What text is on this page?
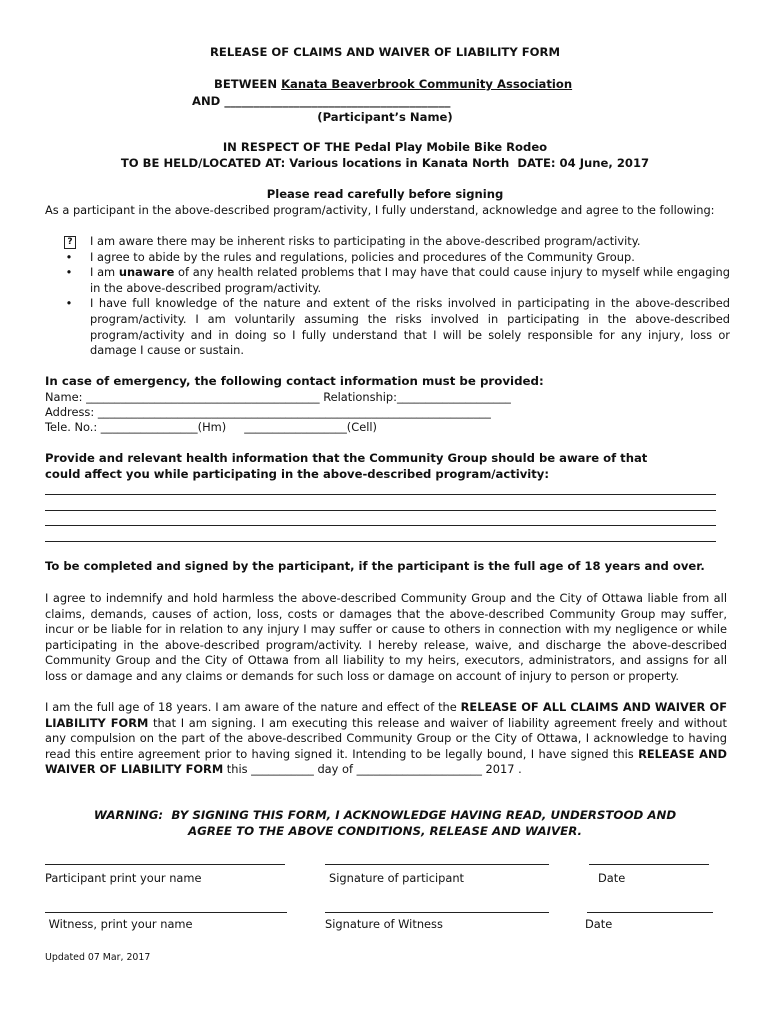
RELEASE OF CLAIMS AND WAIVER OF LIABILITY FORM

BETWEEN Kanata Beaverbrook Community Association

AND _______________________________________
(Participant’s Name)
IN RESPECT OF THE Pedal Play Mobile Bike Rodeo
TO BE HELD/LOCATED AT: Various locations in Kanata North  DATE: 04 June, 2017
Please read carefully before signing
As a participant in the above-described program/activity, I fully understand, acknowledge and agree to the following:
? I am aware there may be inherent risks to participating in the above-described program/activity.
•	I agree to abide by the rules and regulations, policies and procedures of the Community Group.
•	I am unaware of any health related problems that I may have that could cause injury to myself while engaging in the above-described program/activity.
•	I have full knowledge of the nature and extent of the risks involved in participating in the above-described program/activity. I am voluntarily assuming the risks involved in participating in the above-described program/activity and in doing so I fully understand that I will be solely responsible for any injury, loss or damage I cause or sustain.
In case of emergency, the following contact information must be provided:
Name: _________________________________________ Relationship:____________________
Address: _____________________________________________________________________
Tele. No.: _________________(Hm)     __________________(Cell)
Provide and relevant health information that the Community Group should be aware of that
could affect you while participating in the above-described program/activity:
To be completed and signed by the participant, if the participant is the full age of 18 years and over.
I agree to indemnify and hold harmless the above-described Community Group and the City of Ottawa liable from all claims, demands, causes of action, loss, costs or damages that the above-described Community Group may suffer, incur or be liable for in relation to any injury I may suffer or cause to others in connection with my negligence or while participating in the above-described program/activity. I hereby release, waive, and discharge the above-described Community Group and the City of Ottawa from all liability to my heirs, executors, administrators, and assigns for all loss or damage and any claims or demands for such loss or damage on account of injury to person or property.
I am the full age of 18 years. I am aware of the nature and effect of the RELEASE OF ALL CLAIMS AND WAIVER OF LIABILITY FORM that I am signing. I am executing this release and waiver of liability agreement freely and without any compulsion on the part of the above-described Community Group or the City of Ottawa, I acknowledge to having read this entire agreement prior to having signed it. Intending to be legally bound, I have signed this RELEASE AND WAIVER OF LIABILITY FORM this ___________ day of ______________________ 2017 .
WARNING:  BY SIGNING THIS FORM, I ACKNOWLEDGE HAVING READ, UNDERSTOOD AND
AGREE TO THE ABOVE CONDITIONS, RELEASE AND WAIVER.
Participant print your name	Signature of participant	Date
Witness, print your name	Signature of Witness	Date
Updated 07 Mar, 2017
